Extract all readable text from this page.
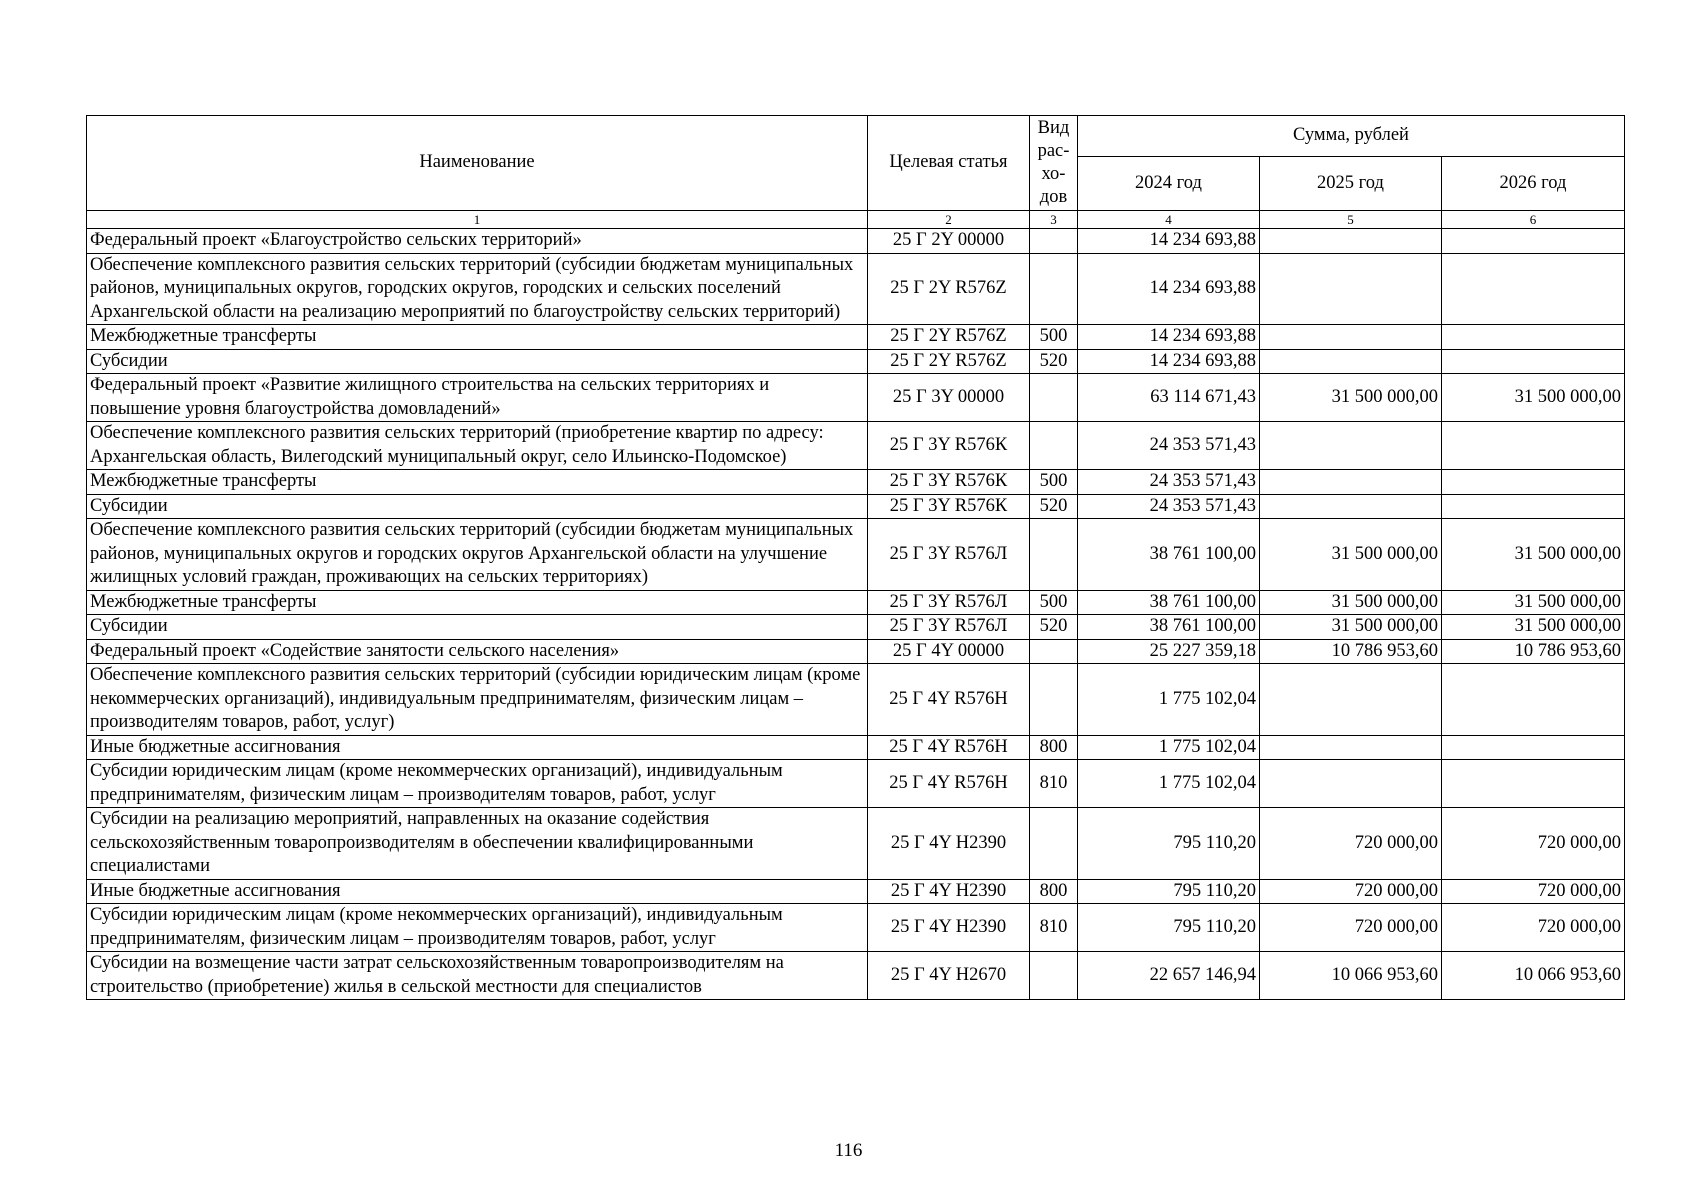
Наименование	Целевая статья	Вид
рас-
хо-
дов	Сумма, рублей		
			2024 год	2025 год	2026 год
1	2	3	4	5	6
Федеральный проект «Благоустройство сельских территорий»	25 Г 2Y 00000		14 234 693,88		
Обеспечение комплексного развития сельских территорий (субсидии бюджетам муниципальных районов, муниципальных округов, городских округов, городских и сельских поселений Архангельской области на реализацию мероприятий по благоустройству сельских территорий)	25 Г 2Y R576Z		14 234 693,88		
Межбюджетные трансферты	25 Г 2Y R576Z	500	14 234 693,88		
Субсидии	25 Г 2Y R576Z	520	14 234 693,88		
Федеральный проект «Развитие жилищного строительства на сельских территориях и повышение уровня благоустройства домовладений»	25 Г 3Y 00000		63 114 671,43	31 500 000,00	31 500 000,00
Обеспечение комплексного развития сельских территорий (приобретение квартир по адресу: Архангельская область, Вилегодский муниципальный округ, село Ильинско-Подомское)	25 Г 3Y R576К		24 353 571,43		
Межбюджетные трансферты	25 Г 3Y R576К	500	24 353 571,43		
Субсидии	25 Г 3Y R576К	520	24 353 571,43		
Обеспечение комплексного развития сельских территорий (субсидии бюджетам муниципальных районов, муниципальных округов и городских округов Архангельской области на улучшение жилищных условий граждан, проживающих на сельских территориях)	25 Г 3Y R576Л		38 761 100,00	31 500 000,00	31 500 000,00
Межбюджетные трансферты	25 Г 3Y R576Л	500	38 761 100,00	31 500 000,00	31 500 000,00
Субсидии	25 Г 3Y R576Л	520	38 761 100,00	31 500 000,00	31 500 000,00
Федеральный проект «Содействие занятости сельского населения»	25 Г 4Y 00000		25 227 359,18	10 786 953,60	10 786 953,60
Обеспечение комплексного развития сельских территорий (субсидии юридическим лицам (кроме некоммерческих организаций), индивидуальным предпринимателям, физическим лицам – производителям товаров, работ, услуг)	25 Г 4Y R576Н		1 775 102,04		
Иные бюджетные ассигнования	25 Г 4Y R576Н	800	1 775 102,04		
Субсидии юридическим лицам (кроме некоммерческих организаций), индивидуальным предпринимателям, физическим лицам – производителям товаров, работ, услуг	25 Г 4Y R576Н	810	1 775 102,04		
Субсидии на реализацию мероприятий, направленных на оказание содействия сельскохозяйственным товаропроизводителям в обеспечении квалифицированными специалистами	25 Г 4Y Н2390		795 110,20	720 000,00	720 000,00
Иные бюджетные ассигнования	25 Г 4Y Н2390	800	795 110,20	720 000,00	720 000,00
Субсидии юридическим лицам (кроме некоммерческих организаций), индивидуальным предпринимателям, физическим лицам – производителям товаров, работ, услуг	25 Г 4Y Н2390	810	795 110,20	720 000,00	720 000,00
Субсидии на возмещение части затрат сельскохозяйственным товаропроизводителям на строительство (приобретение) жилья в сельской местности для специалистов	25 Г 4Y Н2670		22 657 146,94	10 066 953,60	10 066 953,60
116
